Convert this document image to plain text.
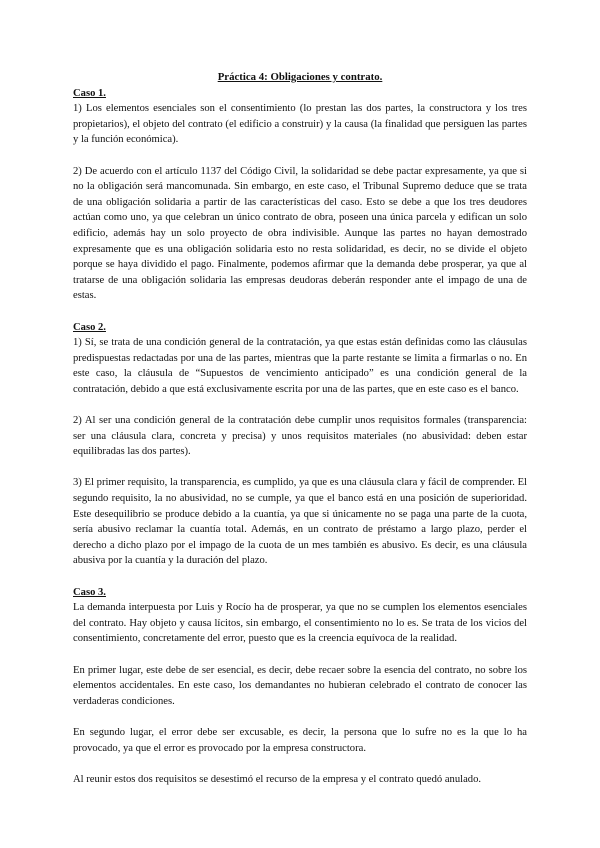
Práctica 4: Obligaciones y contrato.
Caso 1.

1) Los elementos esenciales son el consentimiento (lo prestan las dos partes, la constructora y los tres propietarios), el objeto del contrato (el edificio a construir) y la causa (la finalidad que persiguen las partes y la función económica).

2) De acuerdo con el artículo 1137 del Código Civil, la solidaridad se debe pactar expresamente, ya que si no la obligación será mancomunada. Sin embargo, en este caso, el Tribunal Supremo deduce que se trata de una obligación solidaria a partir de las características del caso. Esto se debe a que los tres deudores actúan como uno, ya que celebran un único contrato de obra, poseen una única parcela y edifican un solo edificio, además hay un solo proyecto de obra indivisible. Aunque las partes no hayan demostrado expresamente que es una obligación solidaria esto no resta solidaridad, es decir, no se divide el objeto porque se haya dividido el pago. Finalmente, podemos afirmar que la demanda debe prosperar, ya que al tratarse de una obligación solidaria las empresas deudoras deberán responder ante el impago de una de estas.

Caso 2.

1) Sí, se trata de una condición general de la contratación, ya que estas están definidas como las cláusulas predispuestas redactadas por una de las partes, mientras que la parte restante se limita a firmarlas o no. En este caso, la cláusula de “Supuestos de vencimiento anticipado” es una condición general de la contratación, debido a que está exclusivamente escrita por una de las partes, que en este caso es el banco.

2) Al ser una condición general de la contratación debe cumplir unos requisitos formales (transparencia: ser una cláusula clara, concreta y precisa) y unos requisitos materiales (no abusividad: deben estar equilibradas las dos partes).

3) El primer requisito, la transparencia, es cumplido, ya que es una cláusula clara y fácil de comprender. El segundo requisito, la no abusividad, no se cumple, ya que el banco está en una posición de superioridad. Este desequilibrio se produce debido a la cuantía, ya que si únicamente no se paga una parte de la cuota, sería abusivo reclamar la cuantía total. Además, en un contrato de préstamo a largo plazo, perder el derecho a dicho plazo por el impago de la cuota de un mes también es abusivo. Es decir, es una cláusula abusiva por la cuantía y la duración del plazo.

Caso 3.

La demanda interpuesta por Luis y Rocío ha de prosperar, ya que no se cumplen los elementos esenciales del contrato. Hay objeto y causa lícitos, sin embargo, el consentimiento no lo es. Se trata de los vicios del consentimiento, concretamente del error, puesto que es la creencia equívoca de la realidad.

En primer lugar, este debe de ser esencial, es decir, debe recaer sobre la esencia del contrato, no sobre los elementos accidentales. En este caso, los demandantes no hubieran celebrado el contrato de conocer las verdaderas condiciones.

En segundo lugar, el error debe ser excusable, es decir, la persona que lo sufre no es la que lo ha provocado, ya que el error es provocado por la empresa constructora.

Al reunir estos dos requisitos se desestimó el recurso de la empresa y el contrato quedó anulado.
